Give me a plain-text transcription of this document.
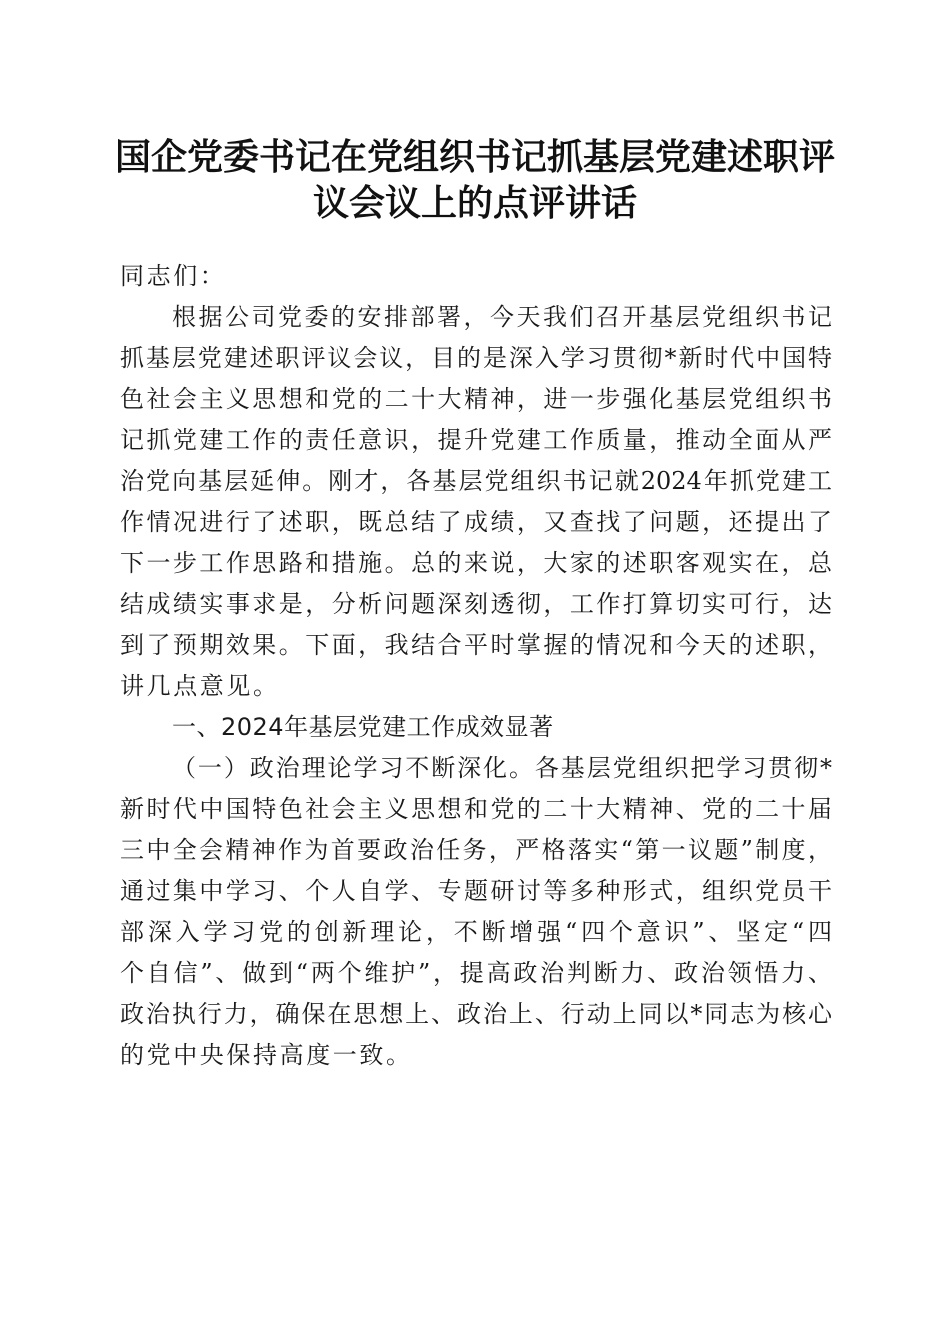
国企党委书记在党组织书记抓基层党建述职评
议会议上的点评讲话
同志们：
根据公司党委的安排部署，今天我们召开基层党组织书记
抓基层党建述职评议会议，目的是深入学习贯彻*新时代中国特
色社会主义思想和党的二十大精神，进一步强化基层党组织书
记抓党建工作的责任意识，提升党建工作质量，推动全面从严
治党向基层延伸。刚才，各基层党组织书记就2024年抓党建工
作情况进行了述职，既总结了成绩，又查找了问题，还提出了
下一步工作思路和措施。总的来说，大家的述职客观实在，总
结成绩实事求是，分析问题深刻透彻，工作打算切实可行，达
到了预期效果。下面，我结合平时掌握的情况和今天的述职，
讲几点意见。
一、2024年基层党建工作成效显著
（一）政治理论学习不断深化。各基层党组织把学习贯彻*
新时代中国特色社会主义思想和党的二十大精神、党的二十届
三中全会精神作为首要政治任务，严格落实“第一议题”制度，
通过集中学习、个人自学、专题研讨等多种形式，组织党员干
部深入学习党的创新理论，不断增强“四个意识”、坚定“四
个自信”、做到“两个维护”，提高政治判断力、政治领悟力、
政治执行力，确保在思想上、政治上、行动上同以*同志为核心
的党中央保持高度一致。
